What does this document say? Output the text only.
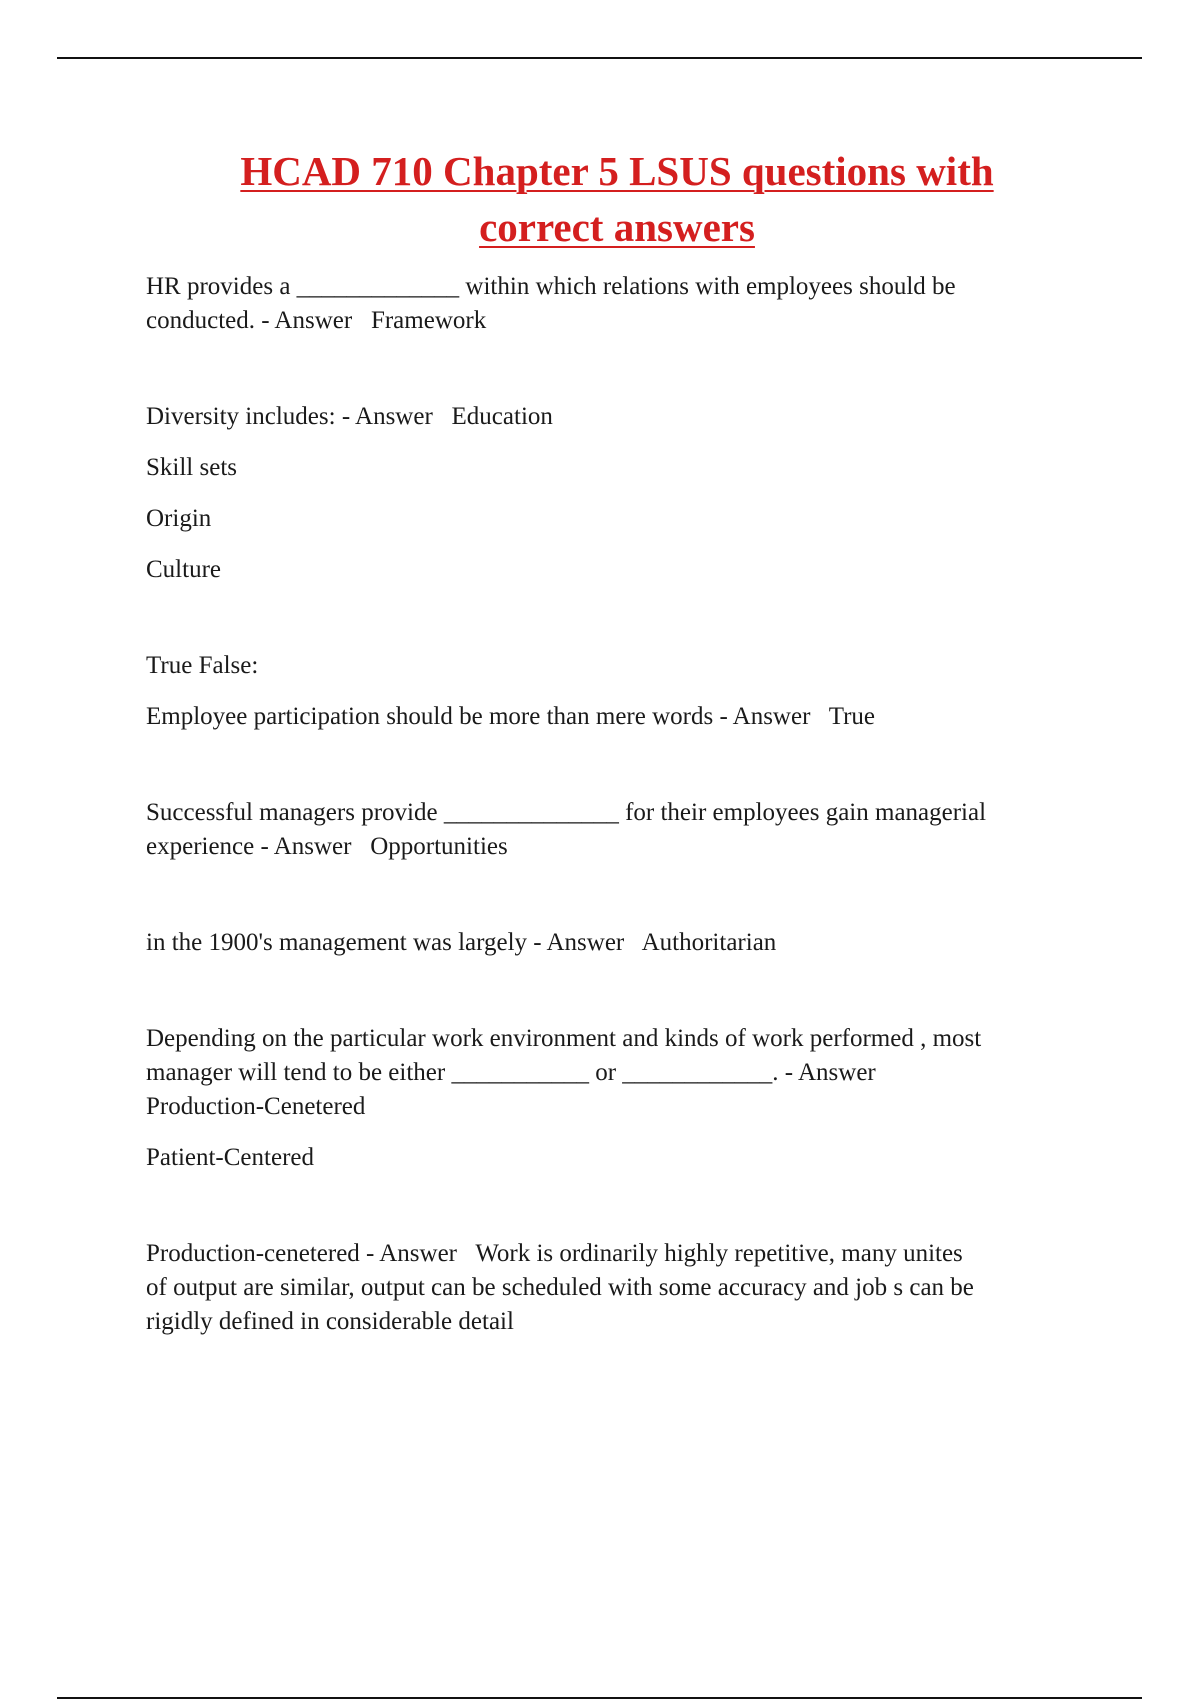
HCAD 710 Chapter 5 LSUS questions with
correct answers

HR provides a _____________ within which relations with employees should be
conducted. - Answer   Framework

Diversity includes: - Answer   Education

Skill sets

Origin

Culture

True False:

Employee participation should be more than mere words - Answer   True

Successful managers provide ______________ for their employees gain managerial
experience - Answer   Opportunities

in the 1900's management was largely - Answer   Authoritarian

Depending on the particular work environment and kinds of work performed , most
manager will tend to be either ___________ or ____________. - Answer
Production-Cenetered

Patient-Centered

Production-cenetered - Answer   Work is ordinarily highly repetitive, many unites
of output are similar, output can be scheduled with some accuracy and job s can be
rigidly defined in considerable detail
